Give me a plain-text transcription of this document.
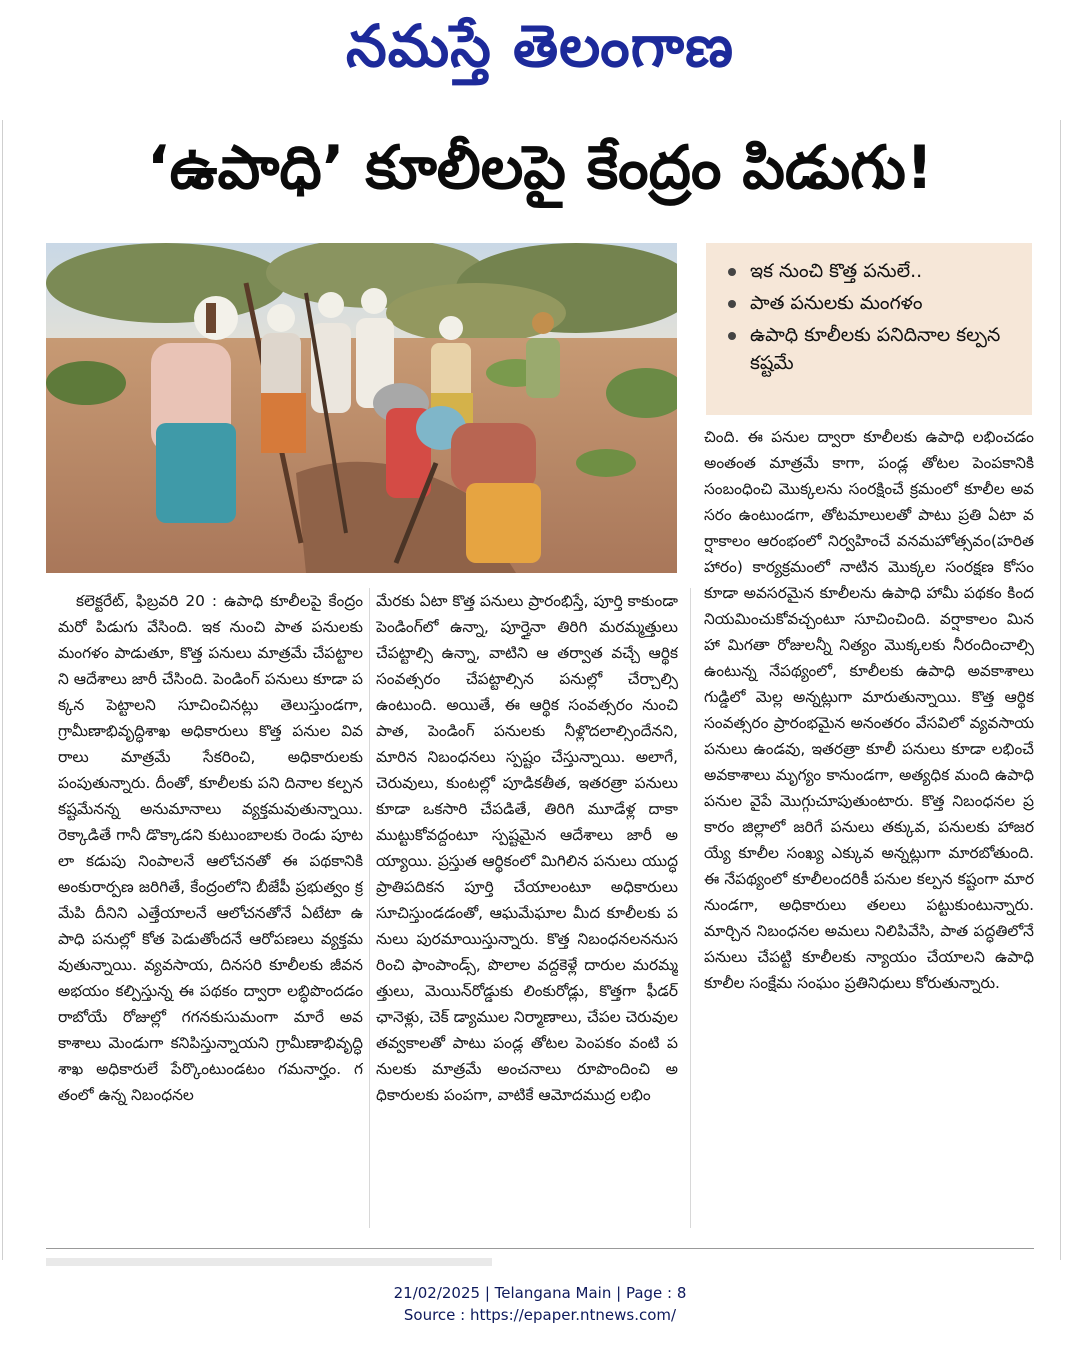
నమస్తే తెలంగాణ
‘ఉపాధి’ కూలీలపై కేంద్రం పిడుగు!
ఇక నుంచి కొత్త పనులే..
పాత పనులకు మంగళం
ఉపాధి కూలీలకు పనిదినాల కల్పన కష్టమే

కలెక్టరేట్, ఫిబ్రవరి 20 : ఉపాధి కూలీలపై కేంద్రం మరో పిడుగు వేసింది. ఇక నుంచి పాత పనులకు మంగళం పాడుతూ, కొత్త పనులు మాత్రమే చేపట్టాలని ఆదేశాలు జారీ చేసింది. పెండింగ్ పనులు కూడా పక్కన పెట్టాలని సూచించినట్లు తెలుస్తుండగా, గ్రామీణాభివృద్ధిశాఖ అధికారులు కొత్త పనుల వివరాలు మాత్రమే సేకరించి, అధికారులకు పంపుతున్నారు. దీంతో, కూలీలకు పని దినాల కల్పన కష్టమేనన్న అనుమానాలు వ్యక్తమవుతున్నాయి. రెక్కాడితే గానీ డొక్కాడని కుటుంబాలకు రెండు పూటలా కడుపు నింపాలనే ఆలోచనతో ఈ పథకానికి అంకురార్పణ జరిగితే, కేంద్రంలోని బీజేపీ ప్రభుత్వం క్రమేపి దీనిని ఎత్తేయాలనే ఆలోచనతోనే ఏటేటా ఉపాధి పనుల్లో కోత పెడుతోందనే ఆరోపణలు వ్యక్తమవుతున్నాయి. వ్యవసాయ, దినసరి కూలీలకు జీవన అభయం కల్పిస్తున్న ఈ పథకం ద్వారా లబ్ధిపొందడం రాబోయే రోజుల్లో గగనకుసుమంగా మారే అవకాశాలు మెండుగా కనిపిస్తున్నాయని గ్రామీణాభివృద్ధి శాఖ అధికారులే పేర్కొంటుండటం గమనార్హం. గతంలో ఉన్న నిబంధనల

మేరకు ఏటా కొత్త పనులు ప్రారంభిస్తే, పూర్తి కాకుండా పెండింగ్‌లో ఉన్నా, పూర్తైనా తిరిగి మరమ్మత్తులు చేపట్టాల్సి ఉన్నా, వాటిని ఆ తర్వాత వచ్చే ఆర్థిక సంవత్సరం చేపట్టాల్సిన పనుల్లో చేర్చాల్సి ఉంటుంది. అయితే, ఈ ఆర్థిక సంవత్సరం నుంచి పాత, పెండింగ్ పనులకు నీళ్లొదలాల్సిందేనని, మారిన నిబంధనలు స్పష్టం చేస్తున్నాయి. అలాగే, చెరువులు, కుంటల్లో పూడికతీత, ఇతరత్రా పనులు కూడా ఒకసారి చేపడితే, తిరిగి మూడేళ్ల దాకా ముట్టుకోవద్దంటూ స్పష్టమైన ఆదేశాలు జారీ అయ్యాయి. ప్రస్తుత ఆర్థికంలో మిగిలిన పనులు యుద్ధప్రాతిపదికన పూర్తి చేయాలంటూ అధికారులు సూచిస్తుండడంతో, ఆఘమేఘాల మీద కూలీలకు పనులు పురమాయిస్తున్నారు. కొత్త నిబంధనలననుసరించి ఫాంపాండ్స్, పొలాల వద్దకెళ్లే దారుల మరమ్మత్తులు, మెయిన్‌రోడ్డుకు లింకురోడ్లు, కొత్తగా ఫీడర్ ఛానెళ్లు, చెక్ డ్యాముల నిర్మాణాలు, చేపల చెరువుల తవ్వకాలతో పాటు పండ్ల తోటల పెంపకం వంటి పనులకు మాత్రమే అంచనాలు రూపొందించి అధికారులకు పంపగా, వాటికే ఆమోదముద్ర లభిం

చింది. ఈ పనుల ద్వారా కూలీలకు ఉపాధి లభించడం అంతంత మాత్రమే కాగా, పండ్ల తోటల పెంపకానికి సంబంధించి మొక్కలను సంరక్షించే క్రమంలో కూలీల అవసరం ఉంటుండగా, తోటమాలులతో పాటు ప్రతి ఏటా వర్షాకాలం ఆరంభంలో నిర్వహించే వనమహోత్సవం(హరితహారం) కార్యక్రమంలో నాటిన మొక్కల సంరక్షణ కోసం కూడా అవసరమైన కూలీలను ఉపాధి హామీ పథకం కింద నియమించుకోవచ్చంటూ సూచించింది. వర్షాకాలం మినహా మిగతా రోజులన్నీ నిత్యం మొక్కలకు నీరందించాల్సి ఉంటున్న నేపథ్యంలో, కూలీలకు ఉపాధి అవకాశాలు గుడ్డిలో మెల్ల అన్నట్లుగా మారుతున్నాయి. కొత్త ఆర్థిక సంవత్సరం ప్రారంభమైన అనంతరం వేసవిలో వ్యవసాయ పనులు ఉండవు, ఇతరత్రా కూలీ పనులు కూడా లభించే అవకాశాలు మృగ్యం కానుండగా, అత్యధిక మంది ఉపాధి పనుల వైపే మొగ్గుచూపుతుంటారు. కొత్త నిబంధనల ప్రకారం జిల్లాలో జరిగే పనులు తక్కువ, పనులకు హాజరయ్యే కూలీల సంఖ్య ఎక్కువ అన్నట్లుగా మారబోతుంది. ఈ నేపథ్యంలో కూలీలందరికీ పనుల కల్పన కష్టంగా మారనుండగా, అధికారులు తలలు పట్టుకుంటున్నారు. మార్చిన నిబంధనల అమలు నిలిపివేసి, పాత పద్ధతిలోనే పనులు చేపట్టి కూలీలకు న్యాయం చేయాలని ఉపాధి కూలీల సంక్షేమ సంఘం ప్రతినిధులు కోరుతున్నారు.

21/02/2025 | Telangana Main | Page : 8
Source : https://epaper.ntnews.com/
